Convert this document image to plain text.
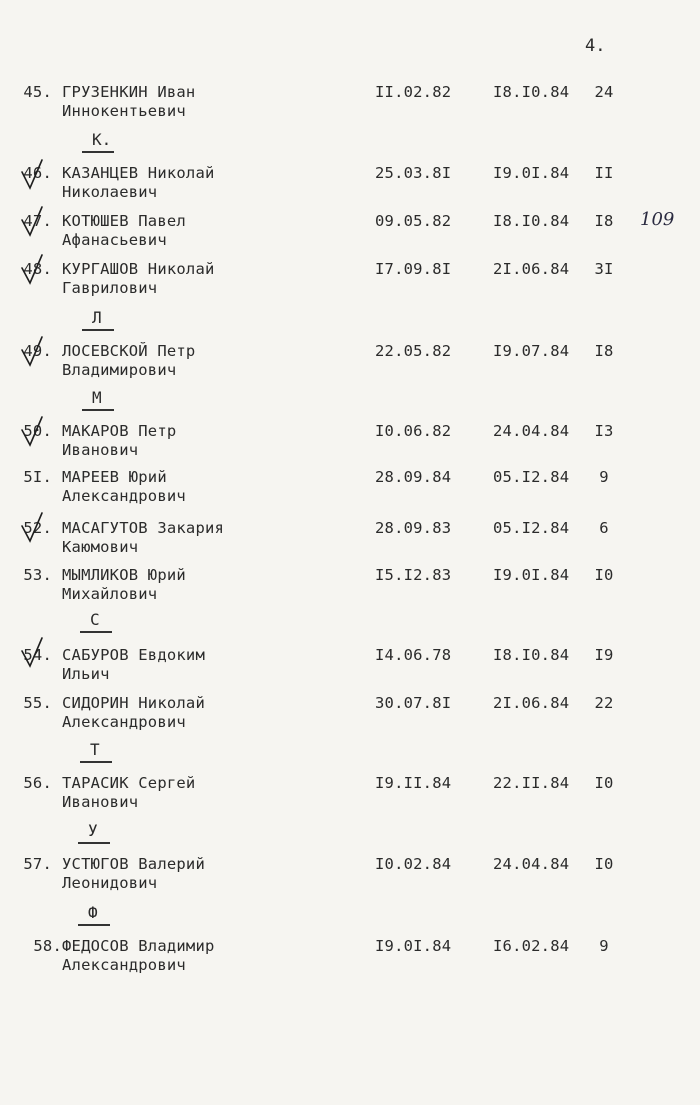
4.
109
К.
Л
М
С
Т
У
Ф
45. ГРУЗЕНКИН Иван
Иннокентьевич
II.02.82	I8.I0.84	24
46. КАЗАНЦЕВ Николай
Николаевич
25.03.8I	I9.0I.84	II
47. КОТЮШЕВ Павел
Афанасьевич
09.05.82	I8.I0.84	I8
48. КУРГАШОВ Николай
Гаврилович
I7.09.8I	2I.06.84	3I
49. ЛОСЕВСКОЙ Петр
Владимирович
22.05.82	I9.07.84	I8
50. МАКАРОВ Петр
Иванович
I0.06.82	24.04.84	I3
5I. МАРЕЕВ Юрий
Александрович
28.09.84	05.I2.84	9
52. МАСАГУТОВ Закария
Каюмович
28.09.83	05.I2.84	6
53. МЫМЛИКОВ Юрий
Михайлович
I5.I2.83	I9.0I.84	I0
54. САБУРОВ Евдоким
Ильич
I4.06.78	I8.I0.84	I9
55. СИДОРИН Николай
Александрович
30.07.8I	2I.06.84	22
56. ТАРАСИК Сергей
Иванович
I9.II.84	22.II.84	I0
57. УСТЮГОВ Валерий
Леонидович
I0.02.84	24.04.84	I0
58. ФЕДОСОВ Владимир
Александрович
I9.0I.84	I6.02.84	9
